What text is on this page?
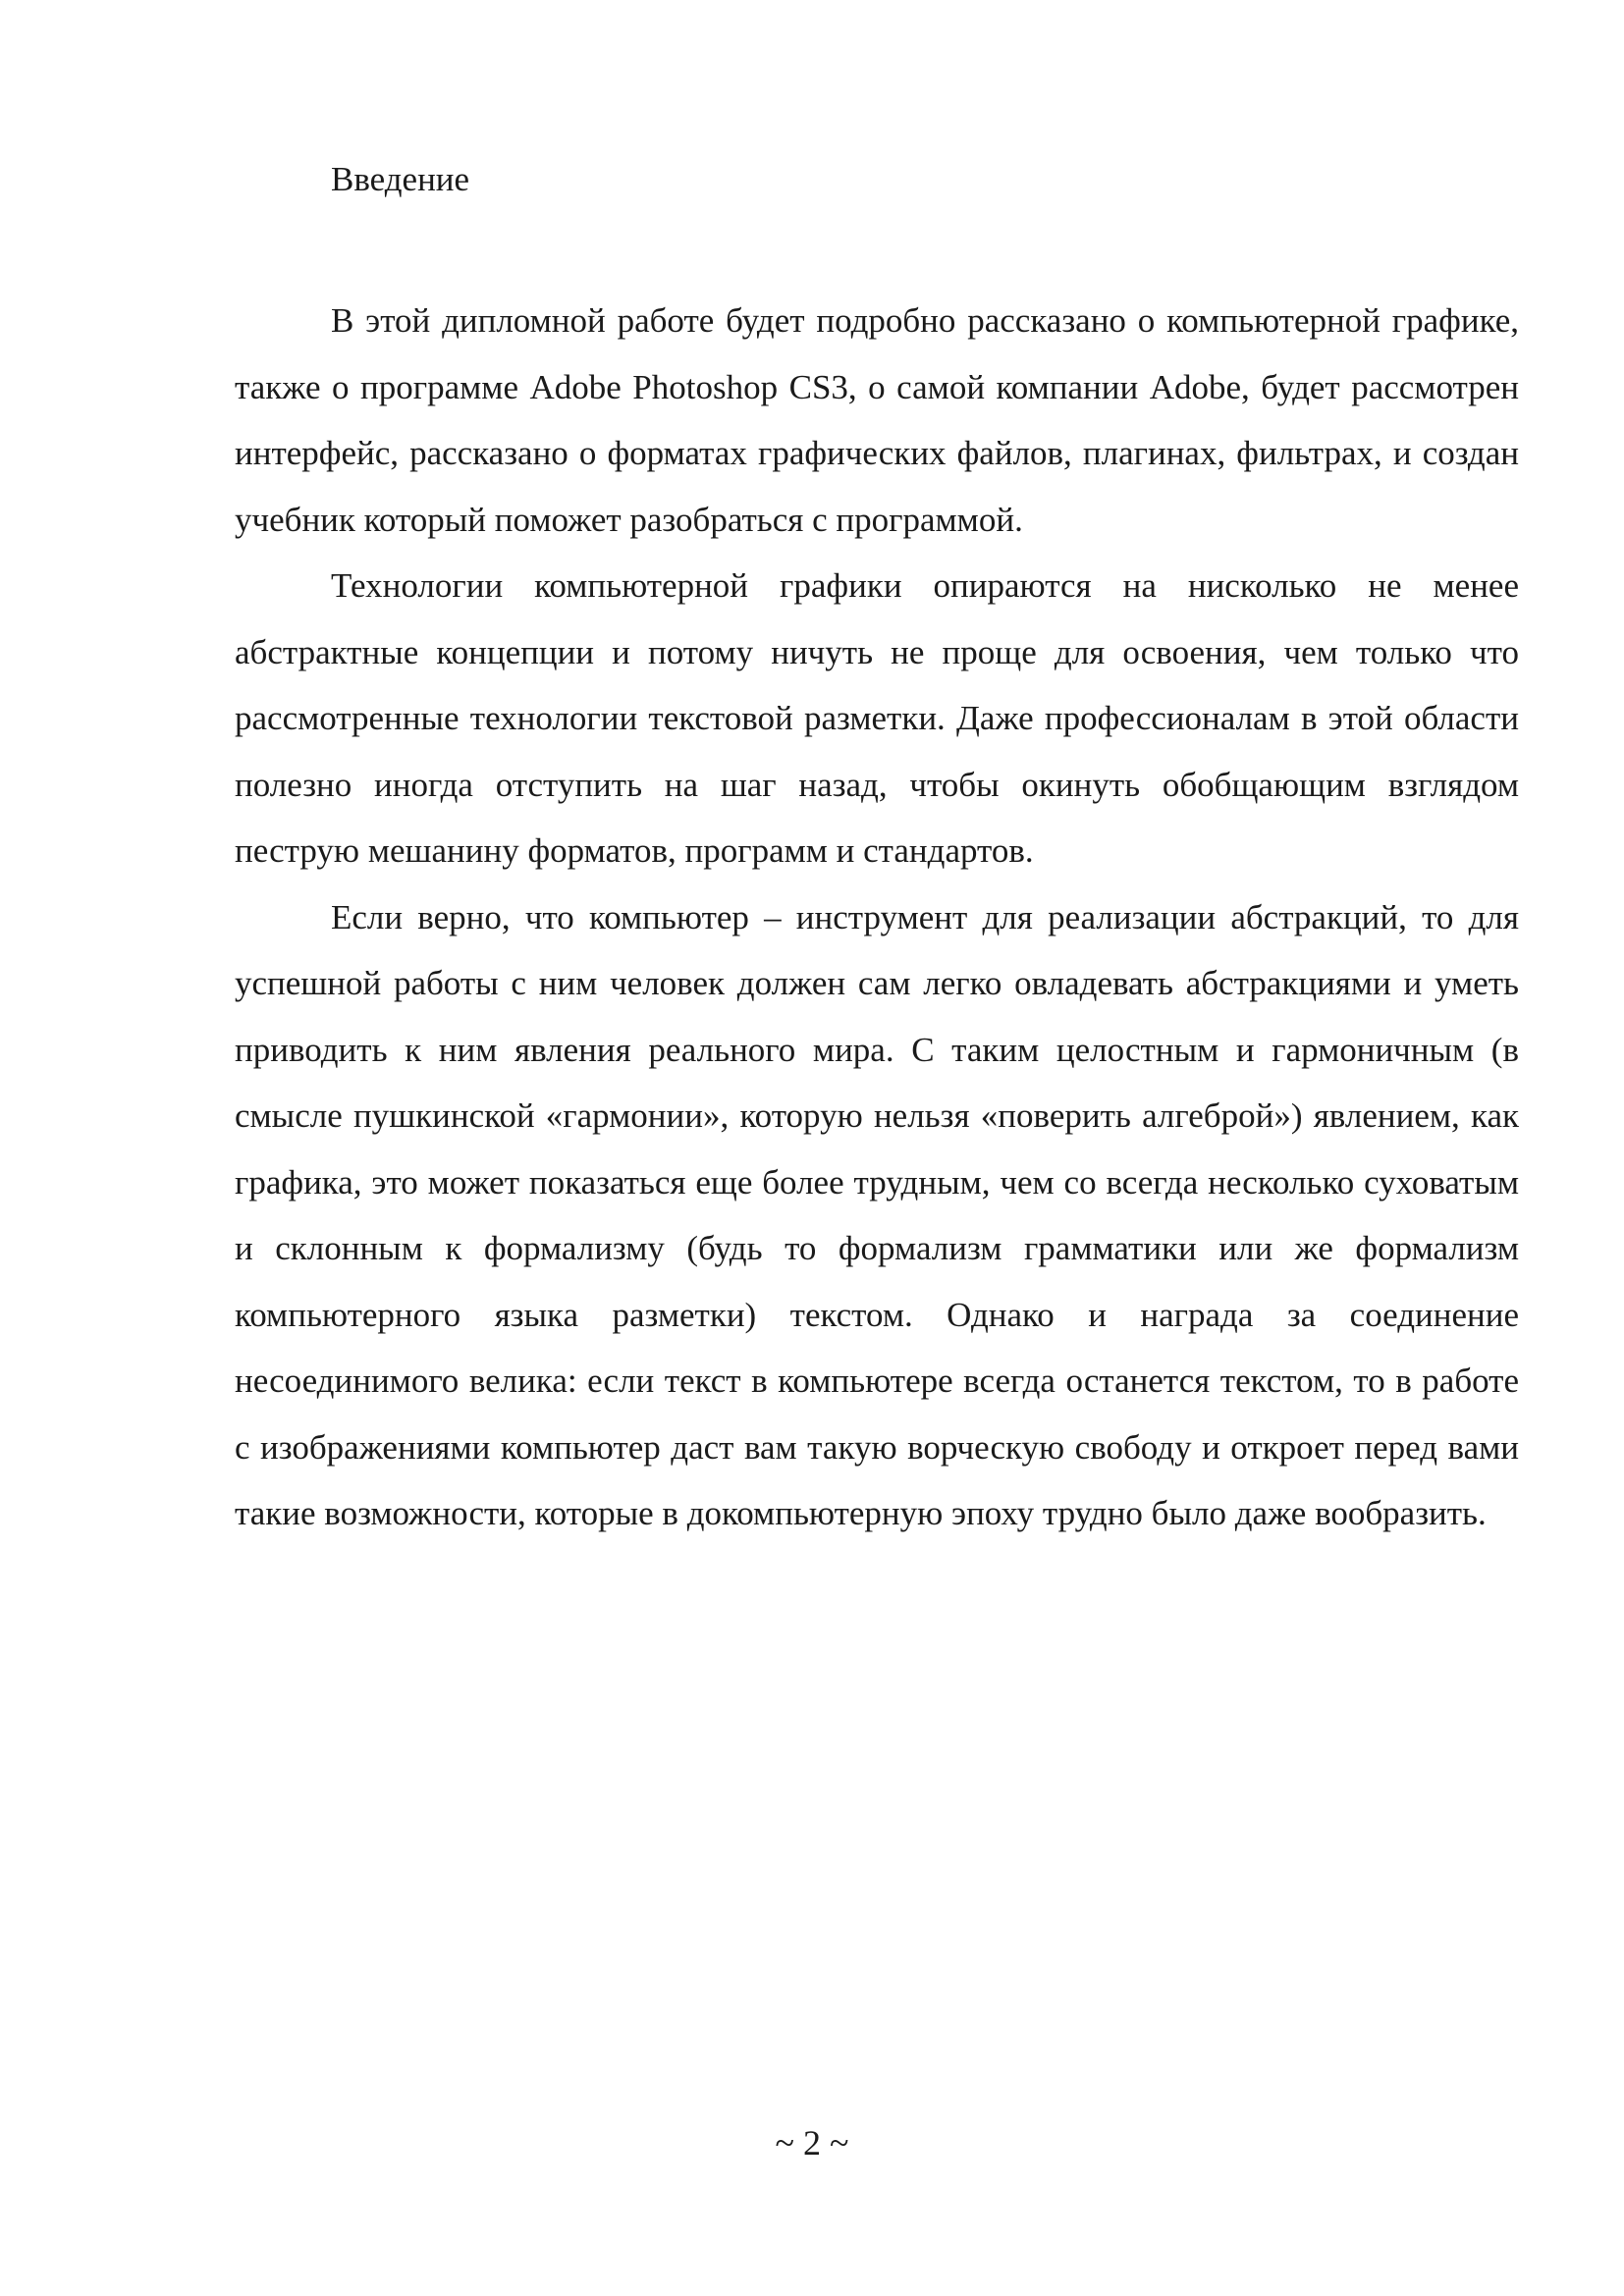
Введение

В этой дипломной работе будет подробно рассказано о компьютерной графике, также о программе Adobe Photoshop CS3, о самой компании Adobe, будет рассмотрен интерфейс, рассказано о форматах графических файлов, плагинах, фильтрах, и создан учебник который поможет разобраться с программой.

Технологии компьютерной графики опираются на нисколько не менее абстрактные концепции и потому ничуть не проще для освоения, чем только что рассмотренные технологии текстовой разметки. Даже профессионалам в этой области полезно иногда отступить на шаг назад, чтобы окинуть обобщающим взглядом пеструю мешанину форматов, программ и стандартов.

Если верно, что компьютер – инструмент для реализации абстракций, то для успешной работы с ним человек должен сам легко овладевать абстракциями и уметь приводить к ним явления реального мира. С таким целостным и гармоничным (в смысле пушкинской «гармонии», которую нельзя «поверить алгеброй») явлением, как графика, это может показаться еще более трудным, чем со всегда несколько суховатым и склонным к формализму (будь то формализм грамматики или же формализм компьютерного языка разметки) текстом. Однако и награда за соединение несоединимого велика: если текст в компьютере всегда останется текстом, то в работе с изображениями компьютер даст вам такую ворческую свободу и откроет перед вами такие возможности, которые в докомпьютерную эпоху трудно было даже вообразить.

~ 2 ~
